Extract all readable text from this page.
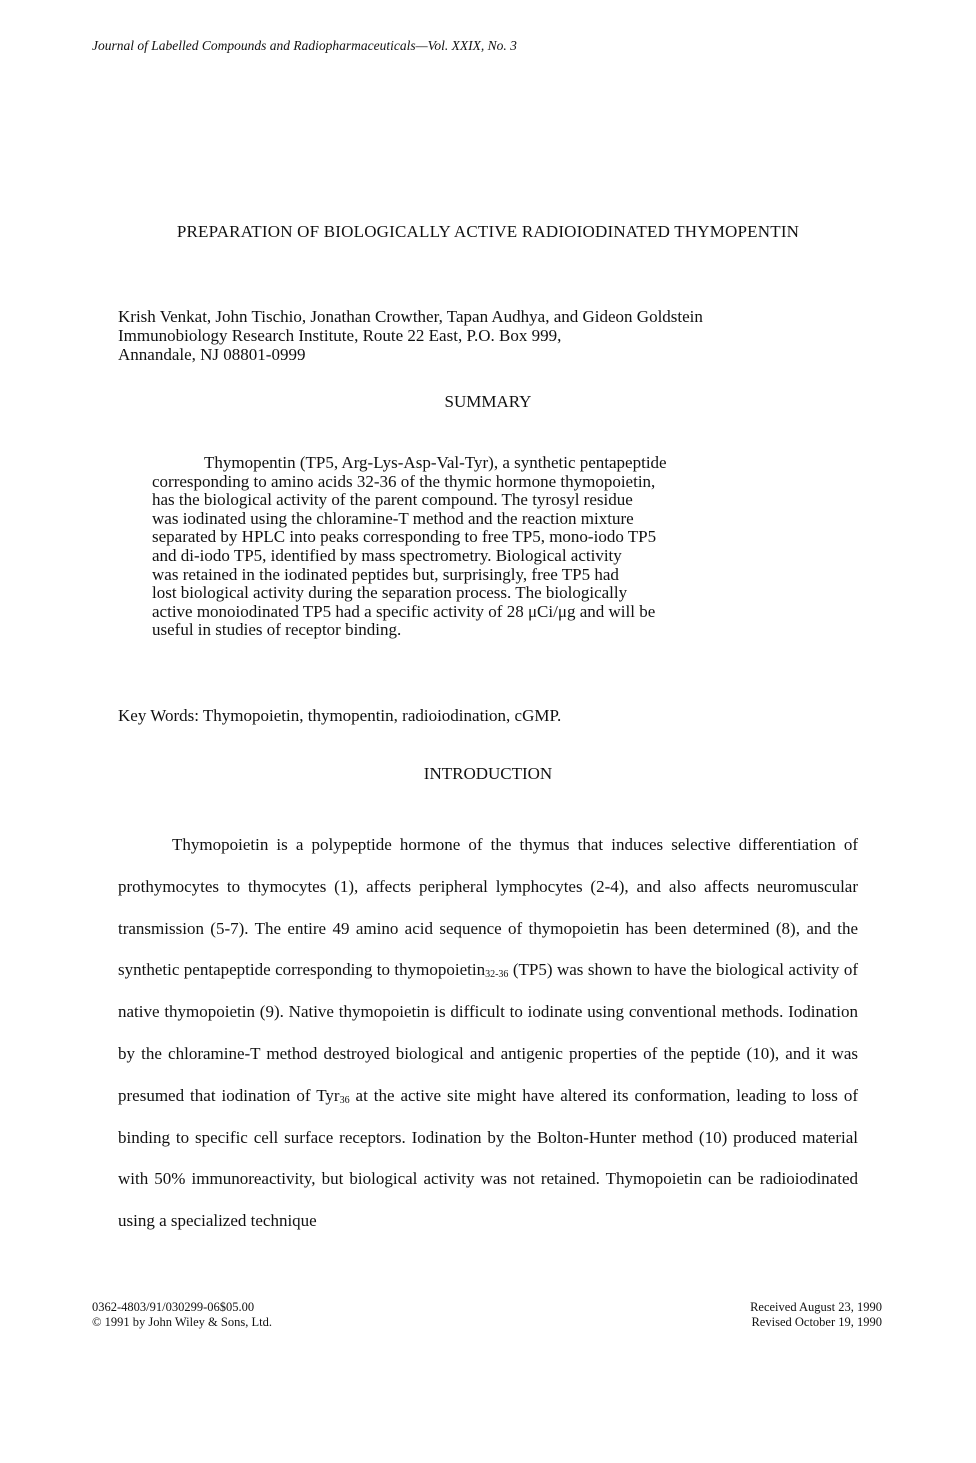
Journal of Labelled Compounds and Radiopharmaceuticals—Vol. XXIX, No. 3
PREPARATION OF BIOLOGICALLY ACTIVE RADIOIODINATED THYMOPENTIN
Krish Venkat, John Tischio, Jonathan Crowther, Tapan Audhya, and Gideon Goldstein
Immunobiology Research Institute, Route 22 East, P.O. Box 999,
Annandale, NJ 08801-0999
SUMMARY
Thymopentin (TP5, Arg-Lys-Asp-Val-Tyr), a synthetic pentapeptide
corresponding to amino acids 32-36 of the thymic hormone thymopoietin,
has the biological activity of the parent compound. The tyrosyl residue
was iodinated using the chloramine-T method and the reaction mixture
separated by HPLC into peaks corresponding to free TP5, mono-iodo TP5
and di-iodo TP5, identified by mass spectrometry. Biological activity
was retained in the iodinated peptides but, surprisingly, free TP5 had
lost biological activity during the separation process. The biologically
active monoiodinated TP5 had a specific activity of 28 μCi/μg and will be
useful in studies of receptor binding.
Key Words: Thymopoietin, thymopentin, radioiodination, cGMP.
INTRODUCTION

Thymopoietin is a polypeptide hormone of the thymus that induces selective differentiation of prothymocytes to thymocytes (1), affects peripheral lymphocytes (2-4), and also affects neuromuscular transmission (5-7). The entire 49 amino acid sequence of thymopoietin has been determined (8), and the synthetic pentapeptide corresponding to thymopoietin$_{32-36}$ (TP5) was shown to have the biological activity of native thymopoietin (9). Native thymopoietin is difficult to iodinate using conventional methods. Iodination by the chloramine-T method destroyed biological and antigenic properties of the peptide (10), and it was presumed that iodination of Tyr$_{36}$ at the active site might have altered its conformation, leading to loss of binding to specific cell surface receptors. Iodination by the Bolton-Hunter method (10) produced material with 50% immunoreactivity, but biological activity was not retained. Thymopoietin can be radioiodinated using a specialized technique

0362-4803/91/030299-06$05.00
© 1991 by John Wiley & Sons, Ltd.
Received August 23, 1990
Revised October 19, 1990
